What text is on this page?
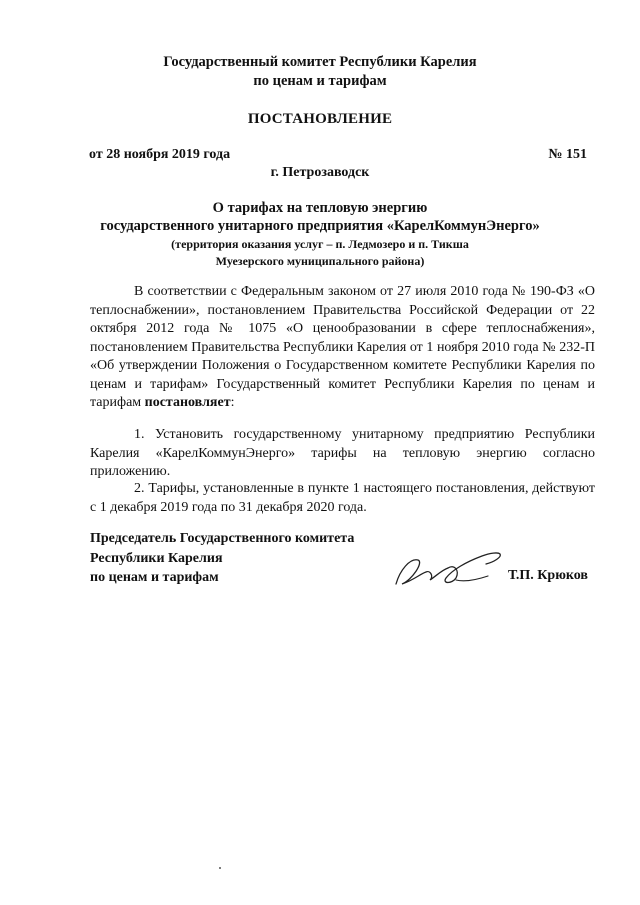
Государственный комитет Республики Карелия
по ценам и тарифам
ПОСТАНОВЛЕНИЕ
от 28 ноября 2019 года	№ 151
г. Петрозаводск
О тарифах на тепловую энергию
государственного унитарного предприятия «КарелКоммунЭнерго»
(территория оказания услуг – п. Ледмозеро и п. Тикша
Муезерского муниципального района)
В соответствии с Федеральным законом от 27 июля 2010 года № 190-ФЗ «О теплоснабжении», постановлением Правительства Российской Федерации от 22 октября 2012 года № 1075 «О ценообразовании в сфере теплоснабжения», постановлением Правительства Республики Карелия от 1 ноября 2010 года № 232-П «Об утверждении Положения о Государственном комитете Республики Карелия по ценам и тарифам» Государственный комитет Республики Карелия по ценам и тарифам постановляет:
1. Установить государственному унитарному предприятию Республики Карелия «КарелКоммунЭнерго» тарифы на тепловую энергию согласно приложению.
2. Тарифы, установленные в пункте 1 настоящего постановления, действуют с 1 декабря 2019 года по 31 декабря 2020 года.
Председатель Государственного комитета
Республики Карелия
по ценам и тарифам	Т.П. Крюков
